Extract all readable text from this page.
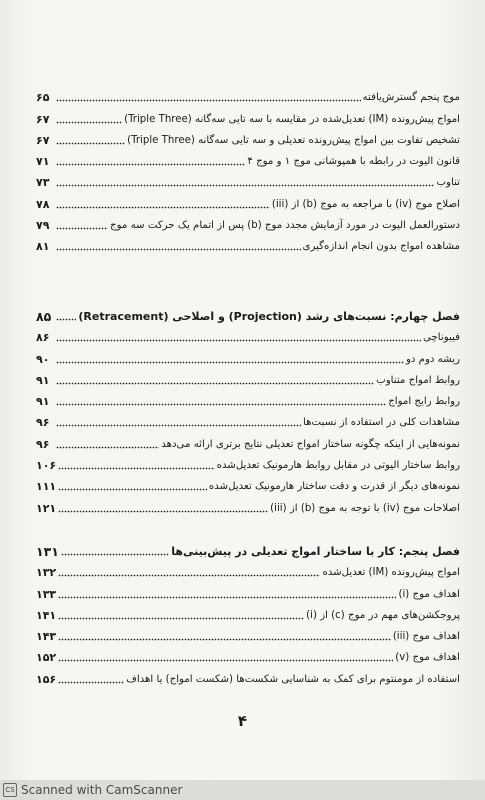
موج پنجم گسترش‌یافته
۶۵
امواج پیش‌رونده (IM) تعدیل‌شده در مقایسه با سه تایی سه‌گانه (Triple Three)
۶۷
تشخیص تفاوت بین امواج پیش‌رونده تعدیلی و سه تایی سه‌گانه (Triple Three)
۶۷
قانون الیوت در رابطه با همپوشانی موج ۱ و موج ۴
۷۱
تناوب
۷۳
اصلاح موج (iv) با مراجعه به موج (b) از (iii)
۷۸
دستورالعمل الیوت در مورد آزمایش مجدد موج (b) پس از اتمام یک حرکت سه موج
۷۹
مشاهده امواج بدون انجام اندازه‌گیری
۸۱
فصل چهارم: نسبت‌های رشد (Projection) و اصلاحی (Retracement)
۸۵
فیبوناچی
۸۶
ریشه دوم دو
۹۰
روابط امواج متناوب
۹۱
روابط رایج امواج
۹۱
مشاهدات کلی در استفاده از نسبت‌ها
۹۶
نمونه‌هایی از اینکه چگونه ساختار امواج تعدیلی نتایج برتری ارائه می‌دهد
۹۶
روابط ساختار الیوتی در مقابل روابط هارمونیک تعدیل‌شده
۱۰۶
نمونه‌های دیگر از قدرت و دقت ساختار هارمونیک تعدیل‌شده
۱۱۱
اصلاحات موج (iv) با توجه به موج (b) از (iii)
۱۲۱
فصل پنجم: کار با ساختار امواج تعدیلی در پیش‌بینی‌ها
۱۳۱
امواج پیش‌رونده (IM) تعدیل‌شده
۱۳۲
اهداف موج (i)
۱۳۳
پروجکشن‌های مهم در موج (c) از (i)
۱۴۱
اهداف موج (iii)
۱۴۳
اهداف موج (v)
۱۵۲
استفاده از مومنتوم برای کمک به شناسایی شکست‌ها (شکست امواج) یا اهداف
۱۵۶
۴
CS Scanned with CamScanner
